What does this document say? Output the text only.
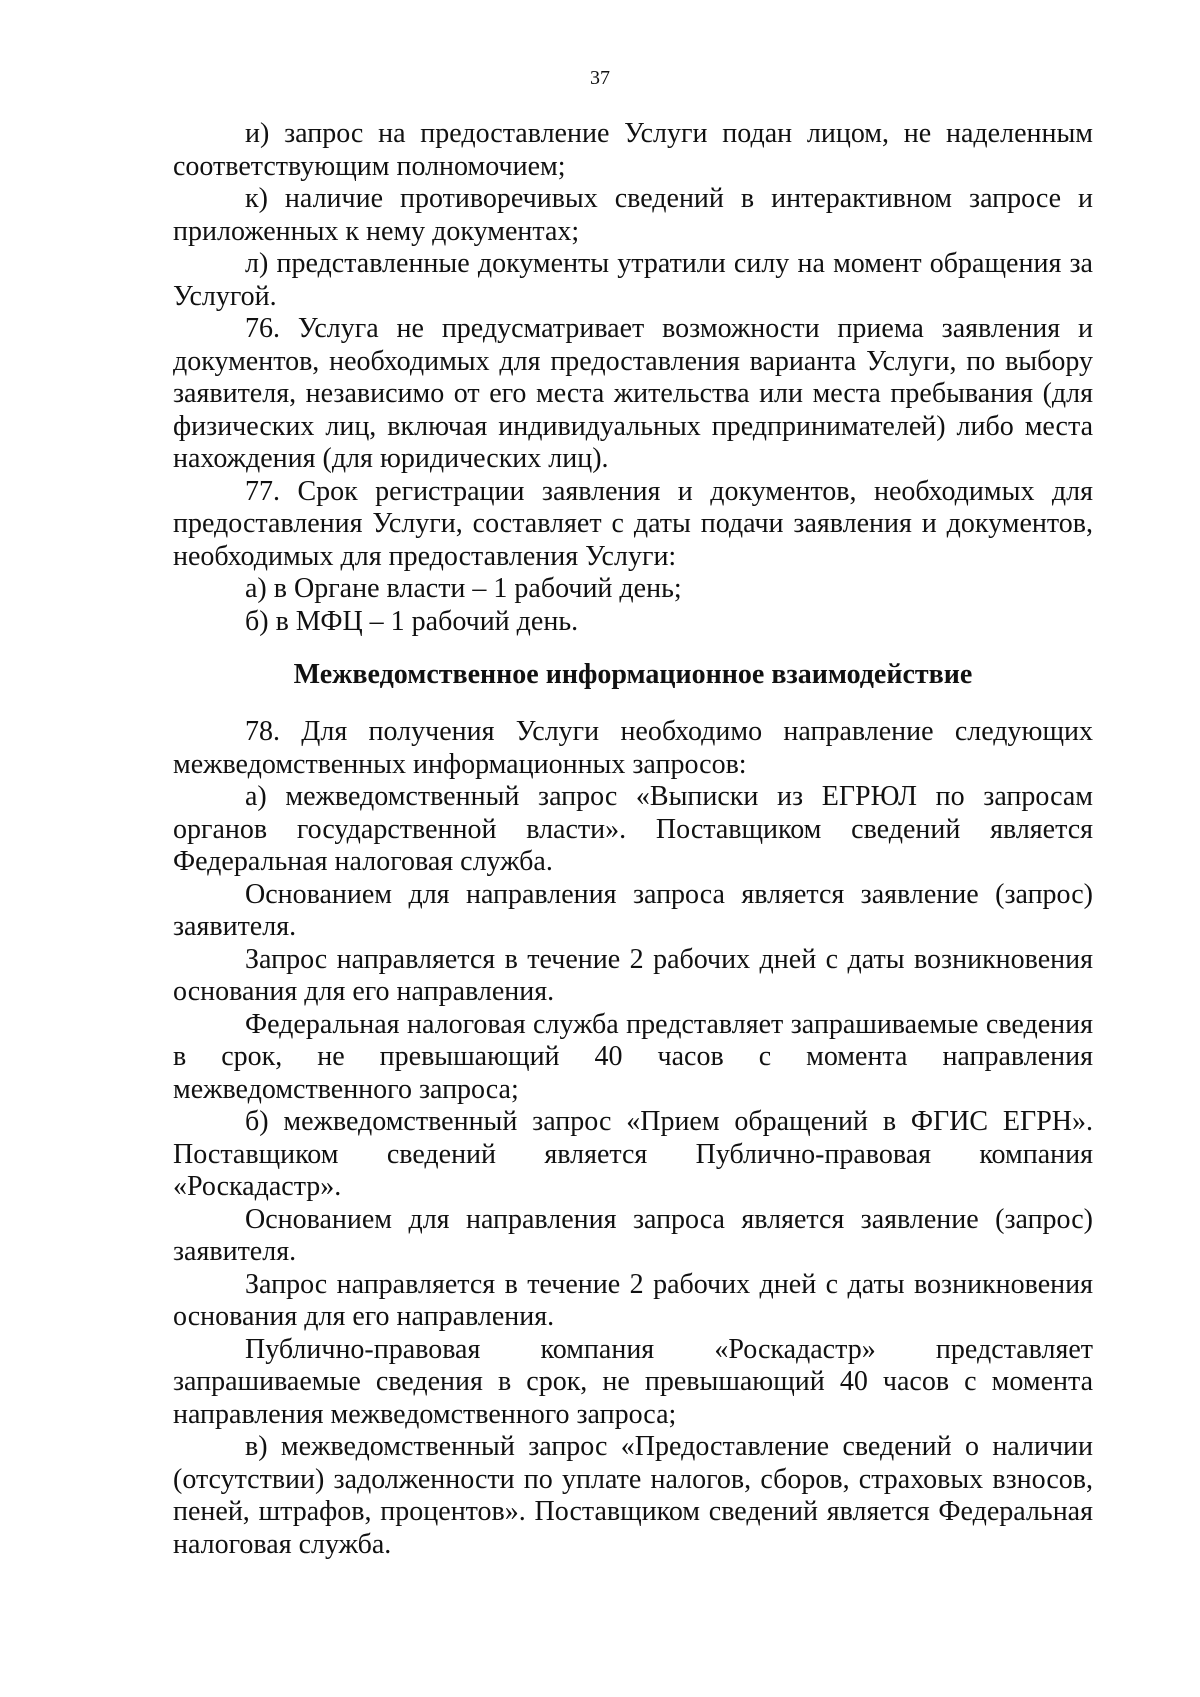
37

и) запрос на предоставление Услуги подан лицом, не наделенным соответствующим полномочием;

к) наличие противоречивых сведений в интерактивном запросе и приложенных к нему документах;

л) представленные документы утратили силу на момент обращения за Услугой.

76. Услуга не предусматривает возможности приема заявления и документов, необходимых для предоставления варианта Услуги, по выбору заявителя, независимо от его места жительства или места пребывания (для физических лиц, включая индивидуальных предпринимателей) либо места нахождения (для юридических лиц).

77. Срок регистрации заявления и документов, необходимых для предоставления Услуги, составляет с даты подачи заявления и документов, необходимых для предоставления Услуги:

а) в Органе власти – 1 рабочий день;

б) в МФЦ – 1 рабочий день.

Межведомственное информационное взаимодействие

78. Для получения Услуги необходимо направление следующих межведомственных информационных запросов:

а) межведомственный запрос «Выписки из ЕГРЮЛ по запросам органов государственной власти». Поставщиком сведений является Федеральная налоговая служба.

Основанием для направления запроса является заявление (запрос) заявителя.

Запрос направляется в течение 2 рабочих дней с даты возникновения основания для его направления.

Федеральная налоговая служба представляет запрашиваемые сведения в срок, не превышающий 40 часов с момента направления межведомственного запроса;

б) межведомственный запрос «Прием обращений в ФГИС ЕГРН». Поставщиком сведений является Публично-правовая компания «Роскадастр».

Основанием для направления запроса является заявление (запрос) заявителя.

Запрос направляется в течение 2 рабочих дней с даты возникновения основания для его направления.

Публично-правовая компания «Роскадастр» представляет запрашиваемые сведения в срок, не превышающий 40 часов с момента направления межведомственного запроса;

в) межведомственный запрос «Предоставление сведений о наличии (отсутствии) задолженности по уплате налогов, сборов, страховых взносов, пеней, штрафов, процентов». Поставщиком сведений является Федеральная налоговая служба.
